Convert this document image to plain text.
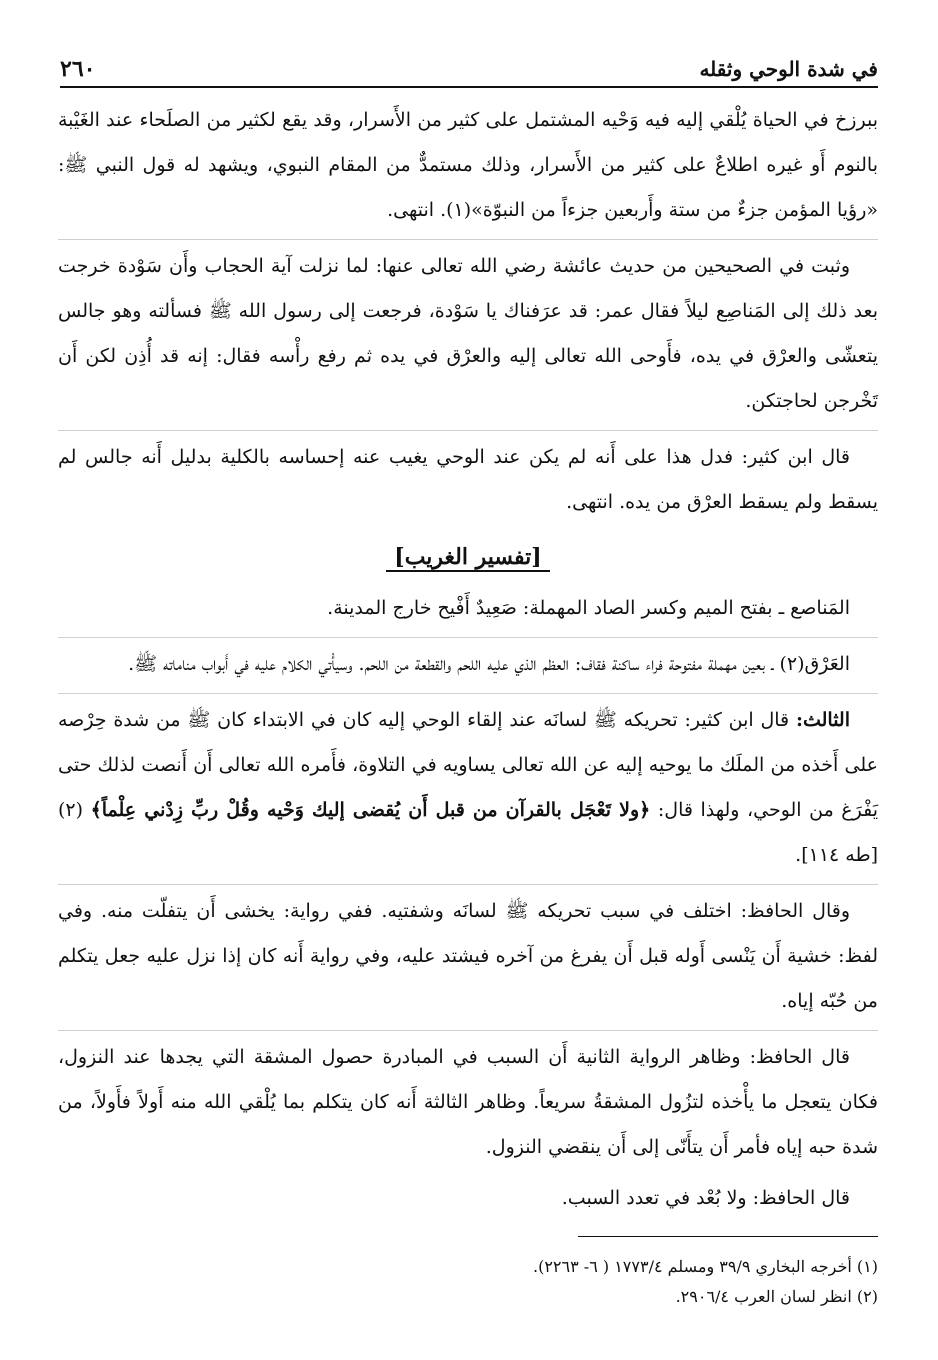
في شدة الوحي وثقله
٢٦٠

ببرزخ في الحياة يُلْقي إليه فيه وَحْيه المشتمل على كثير من الأَسرار، وقد يقع لكثير من الصلَحاء عند الغَيْبة بالنوم أَو غيره اطلاعٌ على كثير من الأَسرار، وذلك مستمدٌّ من المقام النبوي، ويشهد له قول النبي ﷺ: «رؤيا المؤمن جزءٌ من ستة وأَربعين جزءاً من النبوّة»(١). انتهى.

وثبت في الصحيحين من حديث عائشة رضي الله تعالى عنها: لما نزلت آية الحجاب وأَن سَوْدة خرجت بعد ذلك إلى المَناصِع ليلاً فقال عمر: قد عرَفناك يا سَوْدة، فرجعت إلى رسول الله ﷺ فسألته وهو جالس يتعشّى والعرْق في يده، فأَوحى الله تعالى إليه والعرْق في يده ثم رفع رأْسه فقال: إنه قد أُذِن لكن أَن تَخْرجن لحاجتكن.

قال ابن كثير: فدل هذا على أَنه لم يكن عند الوحي يغيب عنه إحساسه بالكلية بدليل أَنه جالس لم يسقط ولم يسقط العرْق من يده. انتهى.

[تفسير الغريب]

المَناصع ـ بفتح الميم وكسر الصاد المهملة: صَعِيدٌ أَفْيح خارج المدينة.

العَرْق(٢) ـ بعين مهملة مفتوحة فراء ساكنة فقاف: العظم الذي عليه اللحم والقطعة من اللحم. وسيأْتي الكلام عليه في أَبواب مناماته ﷺ.

الثالث: قال ابن كثير: تحريكه ﷺ لسانَه عند إلقاء الوحي إليه كان في الابتداء كان ﷺ من شدة حِرْصه على أَخذه من الملَك ما يوحيه إليه عن الله تعالى يساويه في التلاوة، فأَمره الله تعالى أَن أَنصت لذلك حتى يَفْرَغ من الوحي، ولهذا قال: ﴿ولا تَعْجَل بالقرآن من قبل أَن يُقضى إليك وَحْيه وقُلْ ربِّ زِدْني عِلْماً﴾ (٢) [طه ١١٤].

وقال الحافظ: اختلف في سبب تحريكه ﷺ لسانَه وشفتيه. ففي رواية: يخشى أَن يتفلّت منه. وفي لفظ: خشية أَن يَنْسى أَوله قبل أَن يفرغ من آخره فيشتد عليه، وفي رواية أَنه كان إذا نزل عليه جعل يتكلم من حُبّه إياه.

قال الحافظ: وظاهر الرواية الثانية أَن السبب في المبادرة حصول المشقة التي يجدها عند النزول، فكان يتعجل ما يأْخذه لتزُول المشقةُ سريعاً. وظاهر الثالثة أَنه كان يتكلم بما يُلْقي الله منه أَولاً فأَولاً، من شدة حبه إياه فأمر أَن يتأَنّى إلى أَن ينقضي النزول.

قال الحافظ: ولا بُعْد في تعدد السبب.

(١) أخرجه البخاري ٣٩/٩ ومسلم ١٧٧٣/٤ ( ٦- ٢٢٦٣).
(٢) انظر لسان العرب ٢٩٠٦/٤.
